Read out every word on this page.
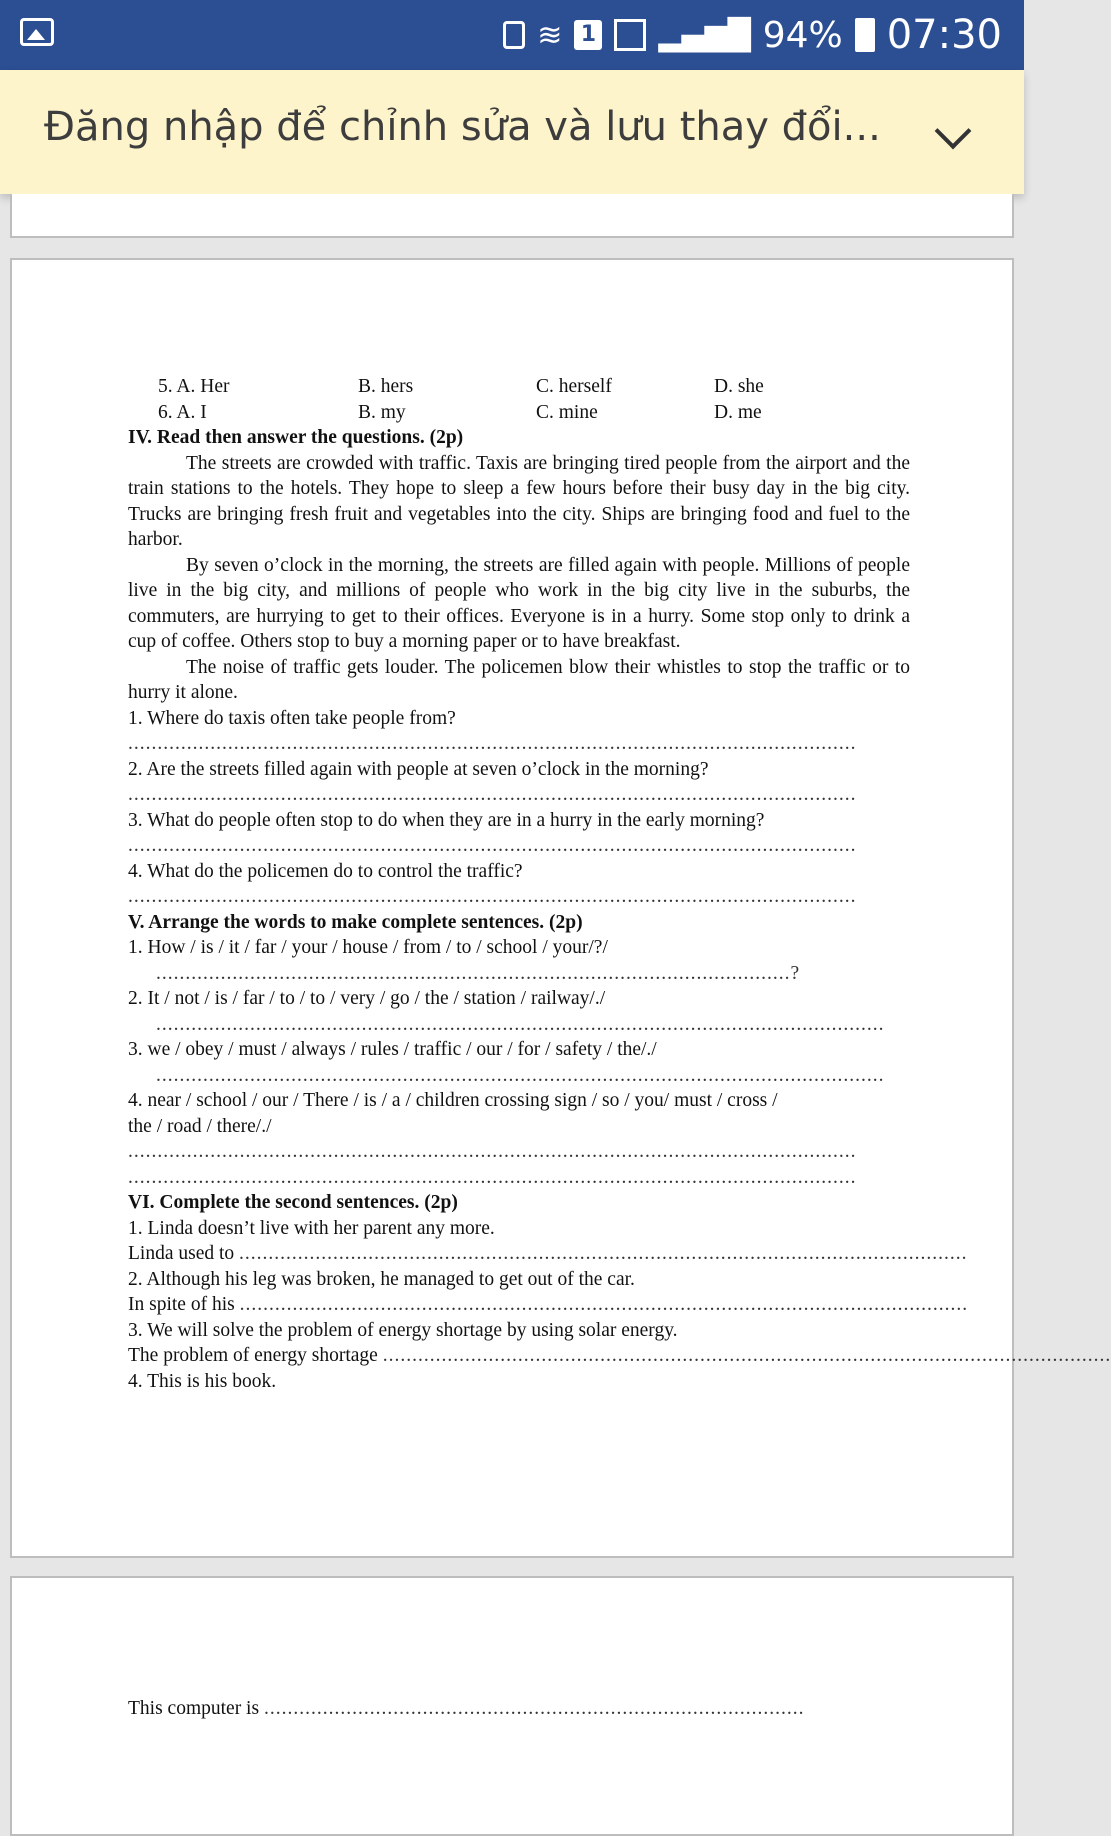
≋ 1 ▂▄▆█ 94% 07:30
Đăng nhập để chỉnh sửa và lưu thay đổi...
5. A. Her	B. hers	C. herself	D. she
6. A. I	B. my	C. mine	D. me
IV. Read then answer the questions. (2p)
The streets are crowded with traffic. Taxis are bringing tired people from the airport and the train stations to the hotels. They hope to sleep a few hours before their busy day in the big city. Trucks are bringing fresh fruit and vegetables into the city. Ships are bringing food and fuel to the harbor.
By seven o’clock in the morning, the streets are filled again with people. Millions of people live in the big city, and millions of people who work in the big city live in the suburbs, the commuters, are hurrying to get to their offices. Everyone is in a hurry. Some stop only to drink a cup of coffee. Others stop to buy a morning paper or to have breakfast.
The noise of traffic gets louder. The policemen blow their whistles to stop the traffic or to hurry it alone.
1. Where do taxis often take people from?
............................................................................................................................
2. Are the streets filled again with people at seven o’clock in the morning?
............................................................................................................................
3. What do people often stop to do when they are in a hurry in the early morning?
............................................................................................................................
4. What do the policemen do to control the traffic?
............................................................................................................................
V. Arrange the words to make complete sentences. (2p)
1. How / is / it / far / your / house / from / to / school / your/?/
............................................................................................................?
2. It / not / is / far / to / to / very / go / the / station / railway/./
............................................................................................................................
3. we / obey / must / always / rules / traffic / our / for / safety / the/./
............................................................................................................................
4. near / school / our / There / is / a / children crossing sign / so / you/ must / cross /
the / road / there/./
............................................................................................................................
............................................................................................................................
VI. Complete the second sentences. (2p)
1. Linda doesn’t live with her parent any more.
Linda used to ............................................................................................................................
2. Although his leg was broken, he managed to get out of the car.
In spite of his ............................................................................................................................
3. We will solve the problem of energy shortage by using solar energy.
The problem of energy shortage ............................................................................................................................
4. This is his book.
This computer is ............................................................................................
